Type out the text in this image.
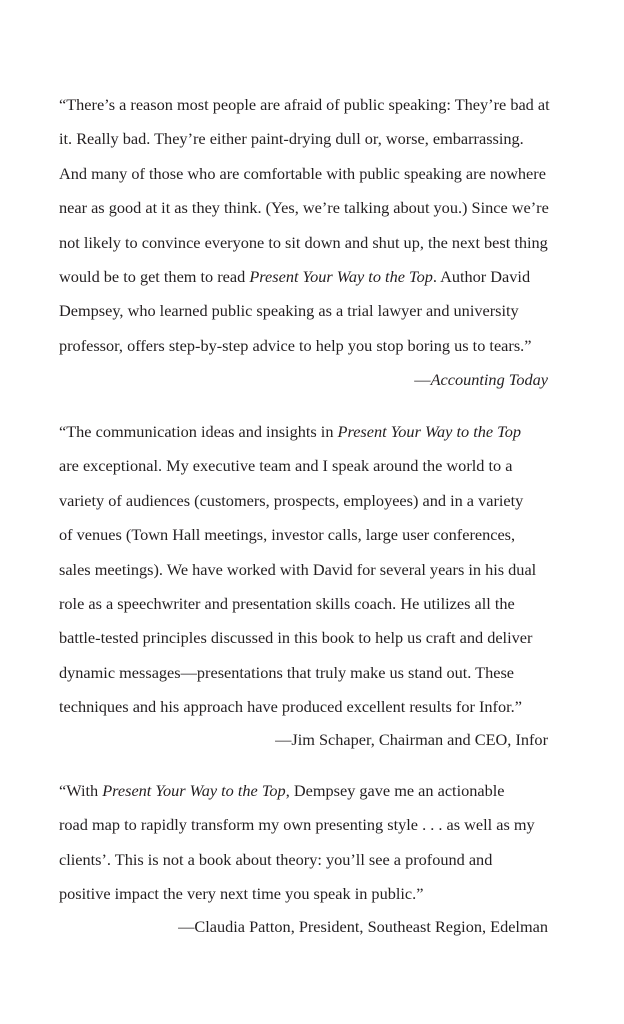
“There’s a reason most people are afraid of public speaking: They’re bad at
it. Really bad. They’re either paint-drying dull or, worse, embarrassing.
And many of those who are comfortable with public speaking are nowhere
near as good at it as they think. (Yes, we’re talking about you.) Since we’re
not likely to convince everyone to sit down and shut up, the next best thing
would be to get them to read Present Your Way to the Top. Author David
Dempsey, who learned public speaking as a trial lawyer and university
professor, offers step-by-step advice to help you stop boring us to tears.”
—Accounting Today
“The communication ideas and insights in Present Your Way to the Top
are exceptional. My executive team and I speak around the world to a
variety of audiences (customers, prospects, employees) and in a variety
of venues (Town Hall meetings, investor calls, large user conferences,
sales meetings). We have worked with David for several years in his dual
role as a speechwriter and presentation skills coach. He utilizes all the
battle-tested principles discussed in this book to help us craft and deliver
dynamic messages—presentations that truly make us stand out. These
techniques and his approach have produced excellent results for Infor.”
—Jim Schaper, Chairman and CEO, Infor
“With Present Your Way to the Top, Dempsey gave me an actionable
road map to rapidly transform my own presenting style . . . as well as my
clients’. This is not a book about theory: you’ll see a profound and
positive impact the very next time you speak in public.”
—Claudia Patton, President, Southeast Region, Edelman
